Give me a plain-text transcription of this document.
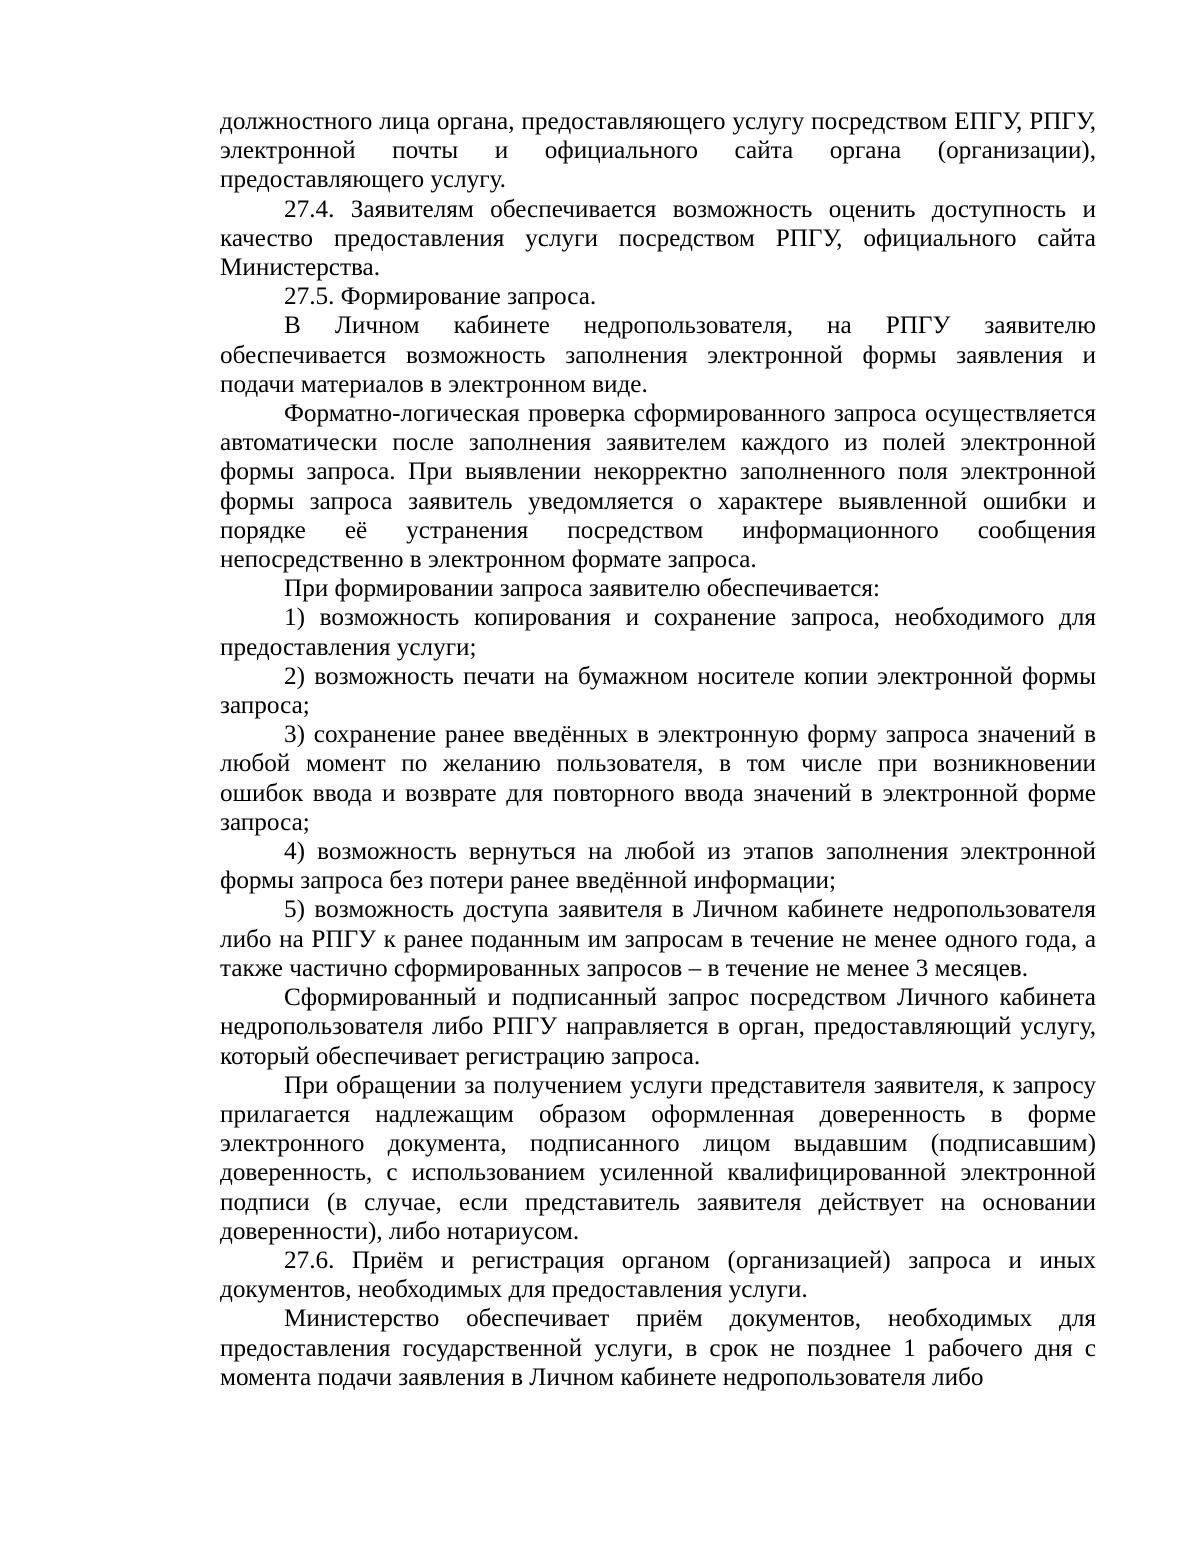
должностного лица органа, предоставляющего услугу посредством ЕПГУ, РПГУ, электронной почты и официального сайта органа (организации), предоставляющего услугу.

27.4. Заявителям обеспечивается возможность оценить доступность и качество предоставления услуги посредством РПГУ, официального сайта Министерства.

27.5. Формирование запроса.

В Личном кабинете недропользователя, на РПГУ заявителю обеспечивается возможность заполнения электронной формы заявления и подачи материалов в электронном виде.

Форматно-логическая проверка сформированного запроса осуществляется автоматически после заполнения заявителем каждого из полей электронной формы запроса. При выявлении некорректно заполненного поля электронной формы запроса заявитель уведомляется о характере выявленной ошибки и порядке её устранения посредством информационного сообщения непосредственно в электронном формате запроса.

При формировании запроса заявителю обеспечивается:

1) возможность копирования и сохранение запроса, необходимого для предоставления услуги;

2) возможность печати на бумажном носителе копии электронной формы запроса;

3) сохранение ранее введённых в электронную форму запроса значений в любой момент по желанию пользователя, в том числе при возникновении ошибок ввода и возврате для повторного ввода значений в электронной форме запроса;

4) возможность вернуться на любой из этапов заполнения электронной формы запроса без потери ранее введённой информации;

5) возможность доступа заявителя в Личном кабинете недропользователя либо на РПГУ к ранее поданным им запросам в течение не менее одного года, а также частично сформированных запросов – в течение не менее 3 месяцев.

Сформированный и подписанный запрос посредством Личного кабинета недропользователя либо РПГУ направляется в орган, предоставляющий услугу, который обеспечивает регистрацию запроса.

При обращении за получением услуги представителя заявителя, к запросу прилагается надлежащим образом оформленная доверенность в форме электронного документа, подписанного лицом выдавшим (подписавшим) доверенность, с использованием усиленной квалифицированной электронной подписи (в случае, если представитель заявителя действует на основании доверенности), либо нотариусом.

27.6. Приём и регистрация органом (организацией) запроса и иных документов, необходимых для предоставления услуги.

Министерство обеспечивает приём документов, необходимых для предоставления государственной услуги, в срок не позднее 1 рабочего дня с момента подачи заявления в Личном кабинете недропользователя либо
